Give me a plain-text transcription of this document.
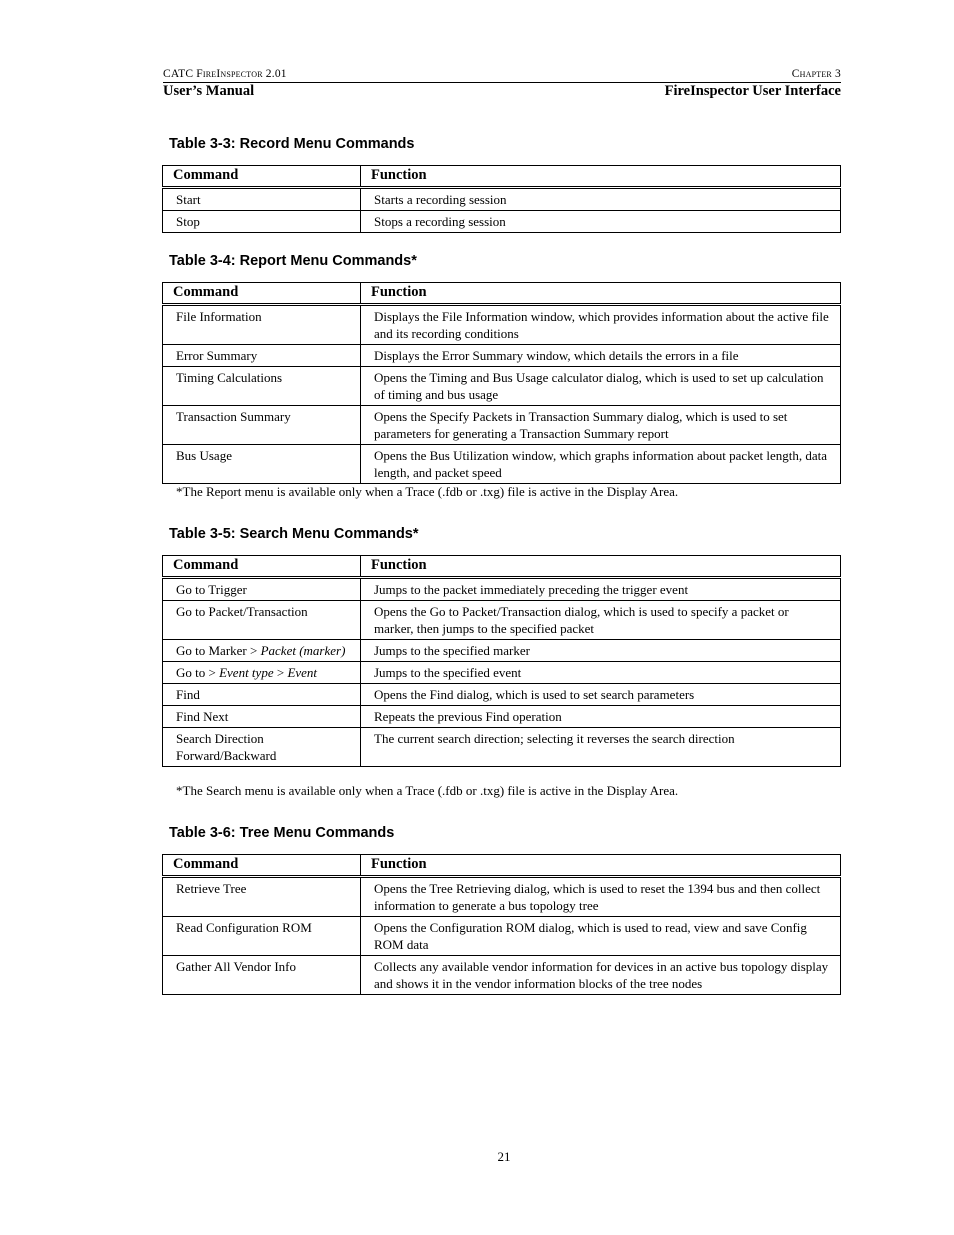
CATC FireInspector 2.01	Chapter 3
User’s Manual	FireInspector User Interface
Table 3-3: Record Menu Commands
Command	Function
Start	Starts a recording session
Stop	Stops a recording session
Table 3-4: Report Menu Commands*
Command	Function
File Information	Displays the File Information window, which provides information about the active file and its recording conditions
Error Summary	Displays the Error Summary window, which details the errors in a file
Timing Calculations	Opens the Timing and Bus Usage calculator dialog, which is used to set up calculation of timing and bus usage
Transaction Summary	Opens the Specify Packets in Transaction Summary dialog, which is used to set parameters for generating a Transaction Summary report
Bus Usage	Opens the Bus Utilization window, which graphs information about packet length, data length, and packet speed
*The Report menu is available only when a Trace (.fdb or .txg) file is active in the Display Area.
Table 3-5: Search Menu Commands*
Command	Function
Go to Trigger	Jumps to the packet immediately preceding the trigger event
Go to Packet/Transaction	Opens the Go to Packet/Transaction dialog, which is used to specify a packet or marker, then jumps to the specified packet
Go to Marker > Packet (marker)	Jumps to the specified marker
Go to > Event type > Event	Jumps to the specified event
Find	Opens the Find dialog, which is used to set search parameters
Find Next	Repeats the previous Find operation
Search Direction Forward/Backward	The current search direction; selecting it reverses the search direction
*The Search menu is available only when a Trace (.fdb or .txg) file is active in the Display Area.
Table 3-6: Tree Menu Commands
Command	Function
Retrieve Tree	Opens the Tree Retrieving dialog, which is used to reset the 1394 bus and then collect information to generate a bus topology tree
Read Configuration ROM	Opens the Configuration ROM dialog, which is used to read, view and save Config ROM data
Gather All Vendor Info	Collects any available vendor information for devices in an active bus topology display and shows it in the vendor information blocks of the tree nodes
21
